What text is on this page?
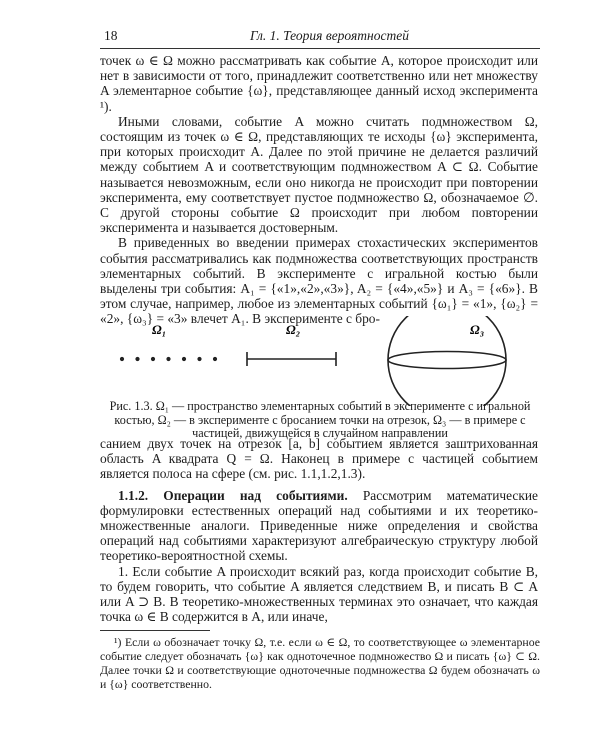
18	Гл. 1. Теория вероятностей

точек ω ∈ Ω можно рассматривать как событие A, которое происходит или нет в зависимости от того, принадлежит соответственно или нет множеству A элементарное событие {ω}, представляющее данный исход эксперимента ¹).

Иными словами, событие A можно считать подмножеством Ω, состоящим из точек ω ∈ Ω, представляющих те исходы {ω} эксперимента, при которых происходит A. Далее по этой причине не делается различий между событием A и соответствующим подмножеством A ⊂ Ω. Событие называется невозможным, если оно никогда не происходит при повторении эксперимента, ему соответствует пустое подмножество Ω, обозначаемое ∅. С другой стороны событие Ω происходит при любом повторении эксперимента и называется достоверным.

В приведенных во введении примерах стохастических экспериментов события рассматривались как подмножества соответствующих пространств элементарных событий. В эксперименте с игральной костью были выделены три события: A₁ = {«1»,«2»,«3»}, A₂ = {«4»,«5»} и A₃ = {«6»}. В этом случае, например, любое из элементарных событий {ω₁} = «1», {ω₂} = «2», {ω₃} = «3» влечет A₁. В эксперименте с бро-

Ω₁	Ω₂	Ω₃
Рис. 1.3. Ω₁ — пространство элементарных событий в эксперименте с игральной костью, Ω₂ — в эксперименте с бросанием точки на отрезок, Ω₃ — в примере с частицей, движущейся в случайном направлении

санием двух точек на отрезок [a, b] событием является заштрихованная область A квадрата Q = Ω. Наконец в примере с частицей событием является полоса на сфере (см. рис. 1.1,1.2,1.3).

1.1.2. Операции над событиями. Рассмотрим математические формулировки естественных операций над событиями и их теоретико-множественные аналоги. Приведенные ниже определения и свойства операций над событиями характеризуют алгебраическую структуру любой теоретико-вероятностной схемы.

1. Если событие A происходит всякий раз, когда происходит событие B, то будем говорить, что событие A является следствием B, и писать B ⊂ A или A ⊃ B. В теоретико-множественных терминах это означает, что каждая точка ω ∈ B содержится в A, или иначе,

¹) Если ω обозначает точку Ω, т.е. если ω ∈ Ω, то соответствующее ω элементарное событие следует обозначать {ω} как одноточечное подмножество Ω и писать {ω} ⊂ Ω. Далее точки Ω и соответствующие одноточечные подмножества Ω будем обозначать ω и {ω} соответственно.
